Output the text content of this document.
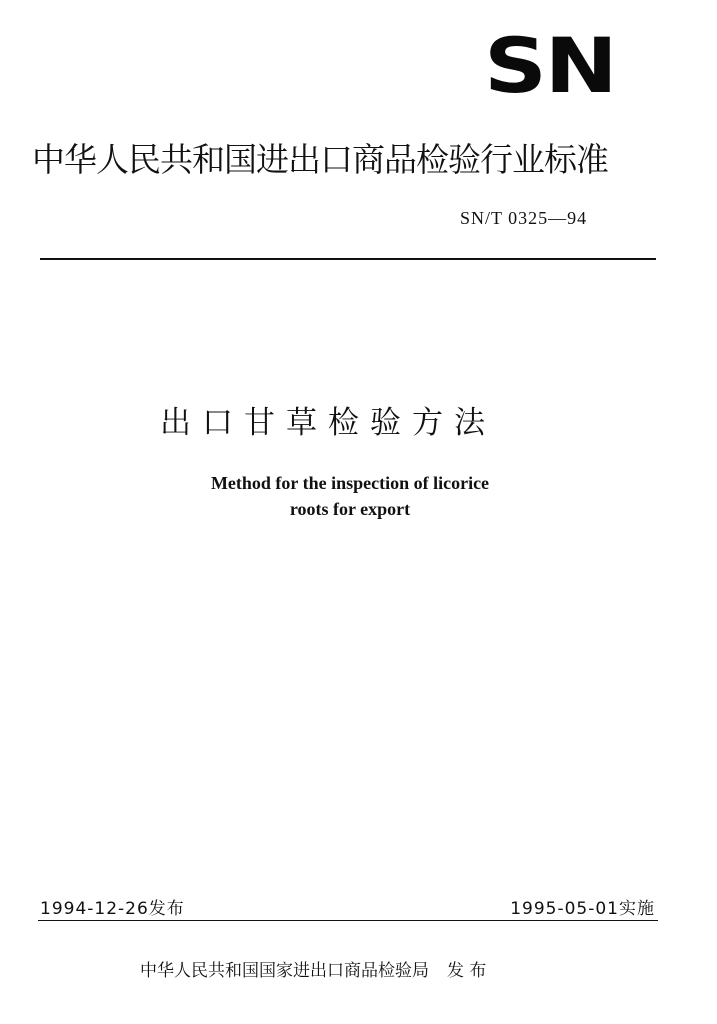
SN
中华人民共和国进出口商品检验行业标准
SN/T 0325—94
出口甘草检验方法
Method for the inspection of licorice
roots for export
1994-12-26发布	1995-05-01实施
中华人民共和国国家进出口商品检验局 发 布
